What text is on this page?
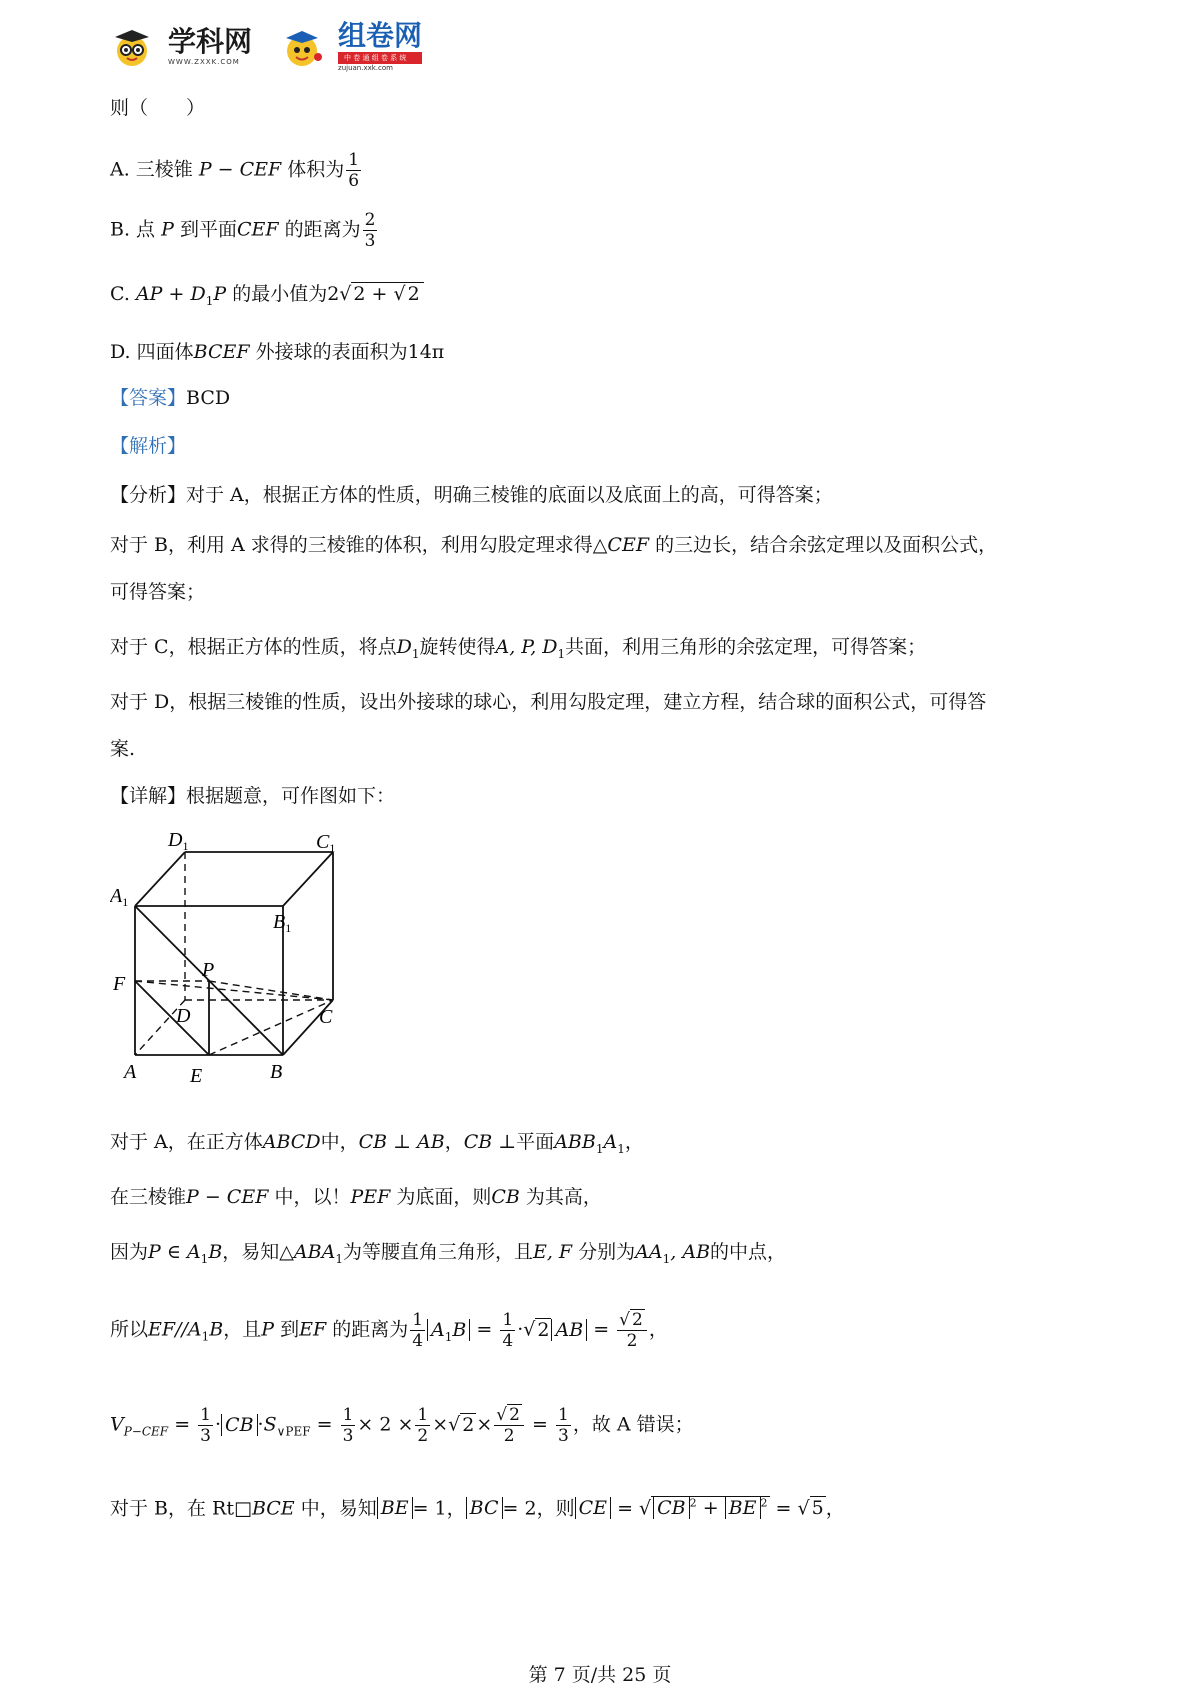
学科网
WWW.ZXXK.COM
组卷网
中 卷 通 组 卷 系 统
zujuan.xxk.com
则（　　）
A. 三棱锥 P − CEF 体积为 $\frac{1}{6}$
B. 点 P 到平面CEF 的距离为 $\frac{2}{3}$
C. AP + $D_1P$ 的最小值为2√ 2 + √ 2
D. 四面体BCEF 外接球的表面积为14π
【答案】BCD
【解析】
【分析】对于 A，根据正方体的性质，明确三棱锥的底面以及底面上的高，可得答案；
对于 B，利用 A 求得的三棱锥的体积，利用勾股定理求得△CEF 的三边长，结合余弦定理以及面积公式，
可得答案；
对于 C，根据正方体的性质，将点$D_1$旋转使得A, P, $D_1$共面，利用三角形的余弦定理，可得答案；
对于 D，根据三棱锥的性质，设出外接球的球心，利用勾股定理，建立方程，结合球的面积公式，可得答
案.
【详解】根据题意，可作图如下：
$D_1$	$C_1$
$A_1$
$B_1$
P
F
D	C
A	E	B
对于 A，在正方体ABCD中，CB ⊥ AB，CB ⊥平面$ABB_1A_1$，
在三棱锥P − CEF 中，以！PEF 为底面，则CB 为其高，
因为P ∈ $A_1B$，易知$\triangle ABA_1$为等腰直角三角形，且E, F 分别为$AA_1$, AB的中点，
所以$EF//A_1B$，且P 到EF 的距离为 $\frac{1}{4} A_1B = \frac{1}{4}$ ·√ 2 AB = $\frac{√ 2}{2}$ ，
$V_{P-CEF} = \frac{1}{3}$ · CB $\cdot S_{\vee PEF} = \frac{1}{3} \times 2 \times \frac{1}{2}$ ×√ $2 \times \frac{√ 2}{2} = \frac{1}{3}$ ，故 A 错误；
对于 B，在 Rt□BCE 中，易知 BE = 1， BC = 2，则 CE = √ CB $^2$ + BE $^2$ = √ 5 ，
第 7 页/共 25 页
